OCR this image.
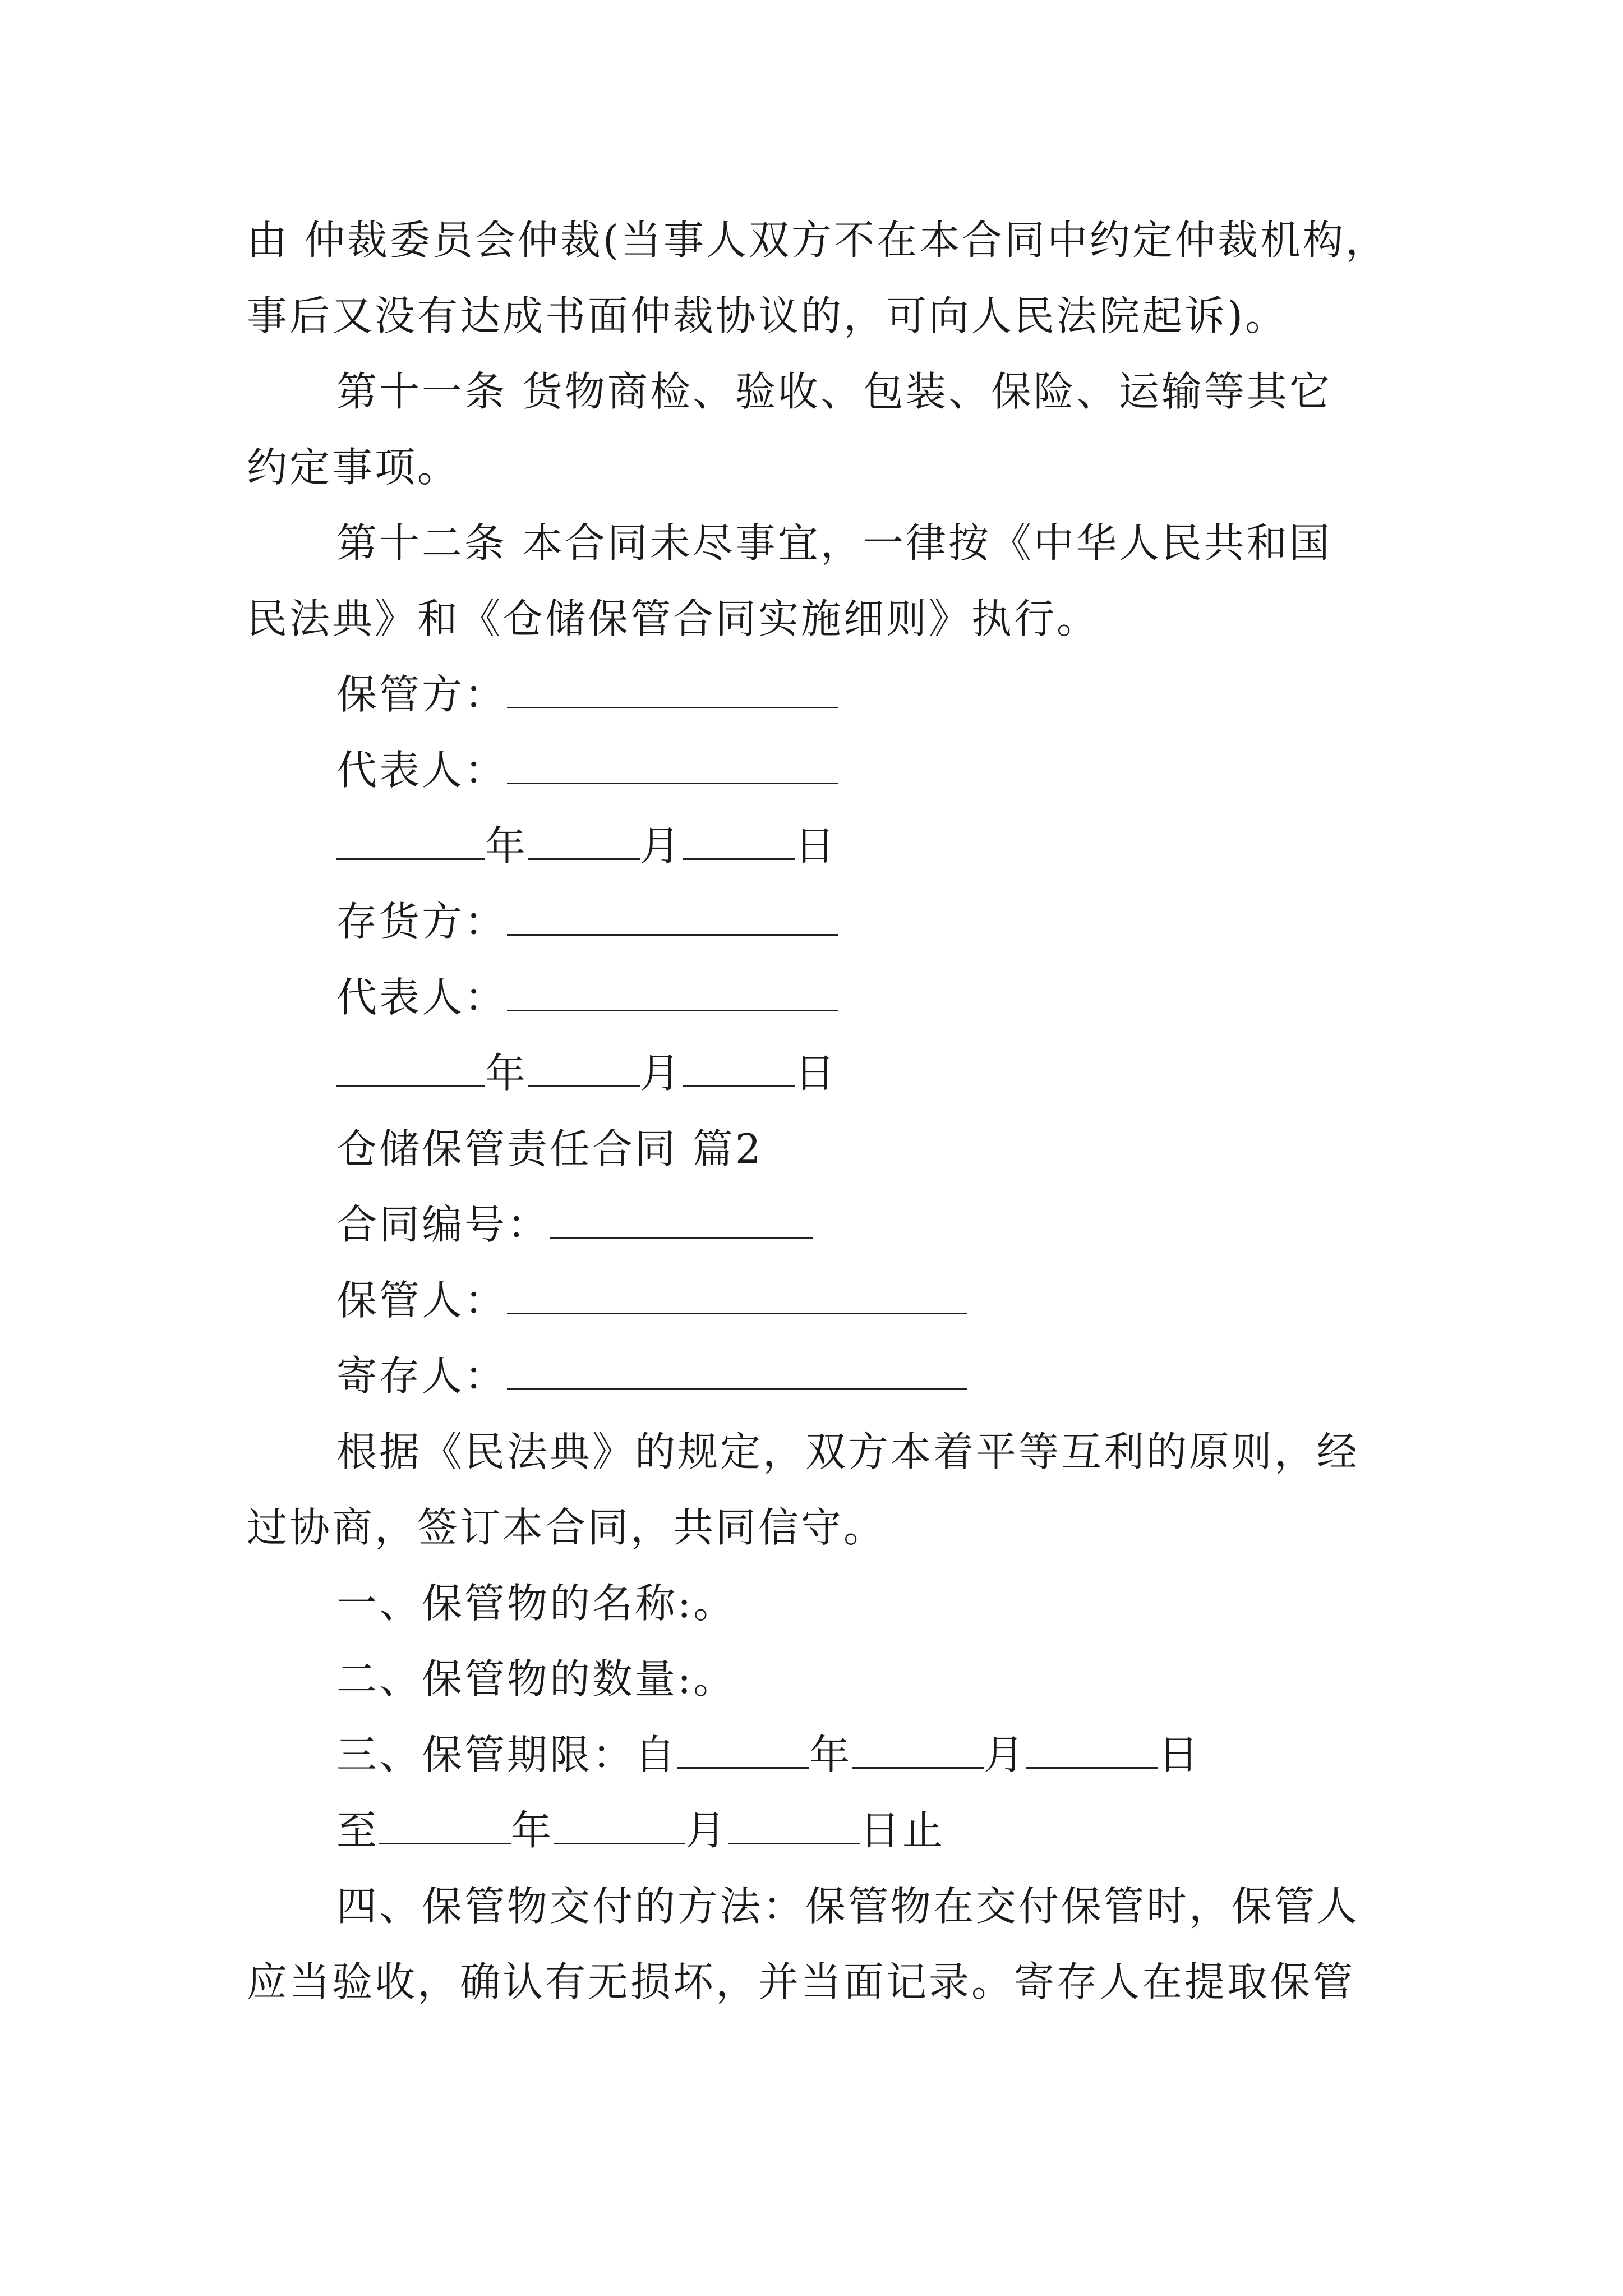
由 仲裁委员会仲裁(当事人双方不在本合同中约定仲裁机构，
事后又没有达成书面仲裁协议的，可向人民法院起诉)。
第十一条 货物商检、验收、包装、保险、运输等其它
约定事项。
第十二条 本合同未尽事宜，一律按《中华人民共和国
民法典》和《仓储保管合同实施细则》执行。
保管方：
代表人：
年	月	日
存货方：
代表人：
年	月	日
仓储保管责任合同 篇2
合同编号：
保管人：
寄存人：
根据《民法典》的规定，双方本着平等互利的原则，经
过协商，签订本合同，共同信守。
一、保管物的名称:。
二、保管物的数量:。
三、保管期限：自	年	月	日
至	年	月	日止
四、保管物交付的方法：保管物在交付保管时，保管人
应当验收，确认有无损坏，并当面记录。寄存人在提取保管
